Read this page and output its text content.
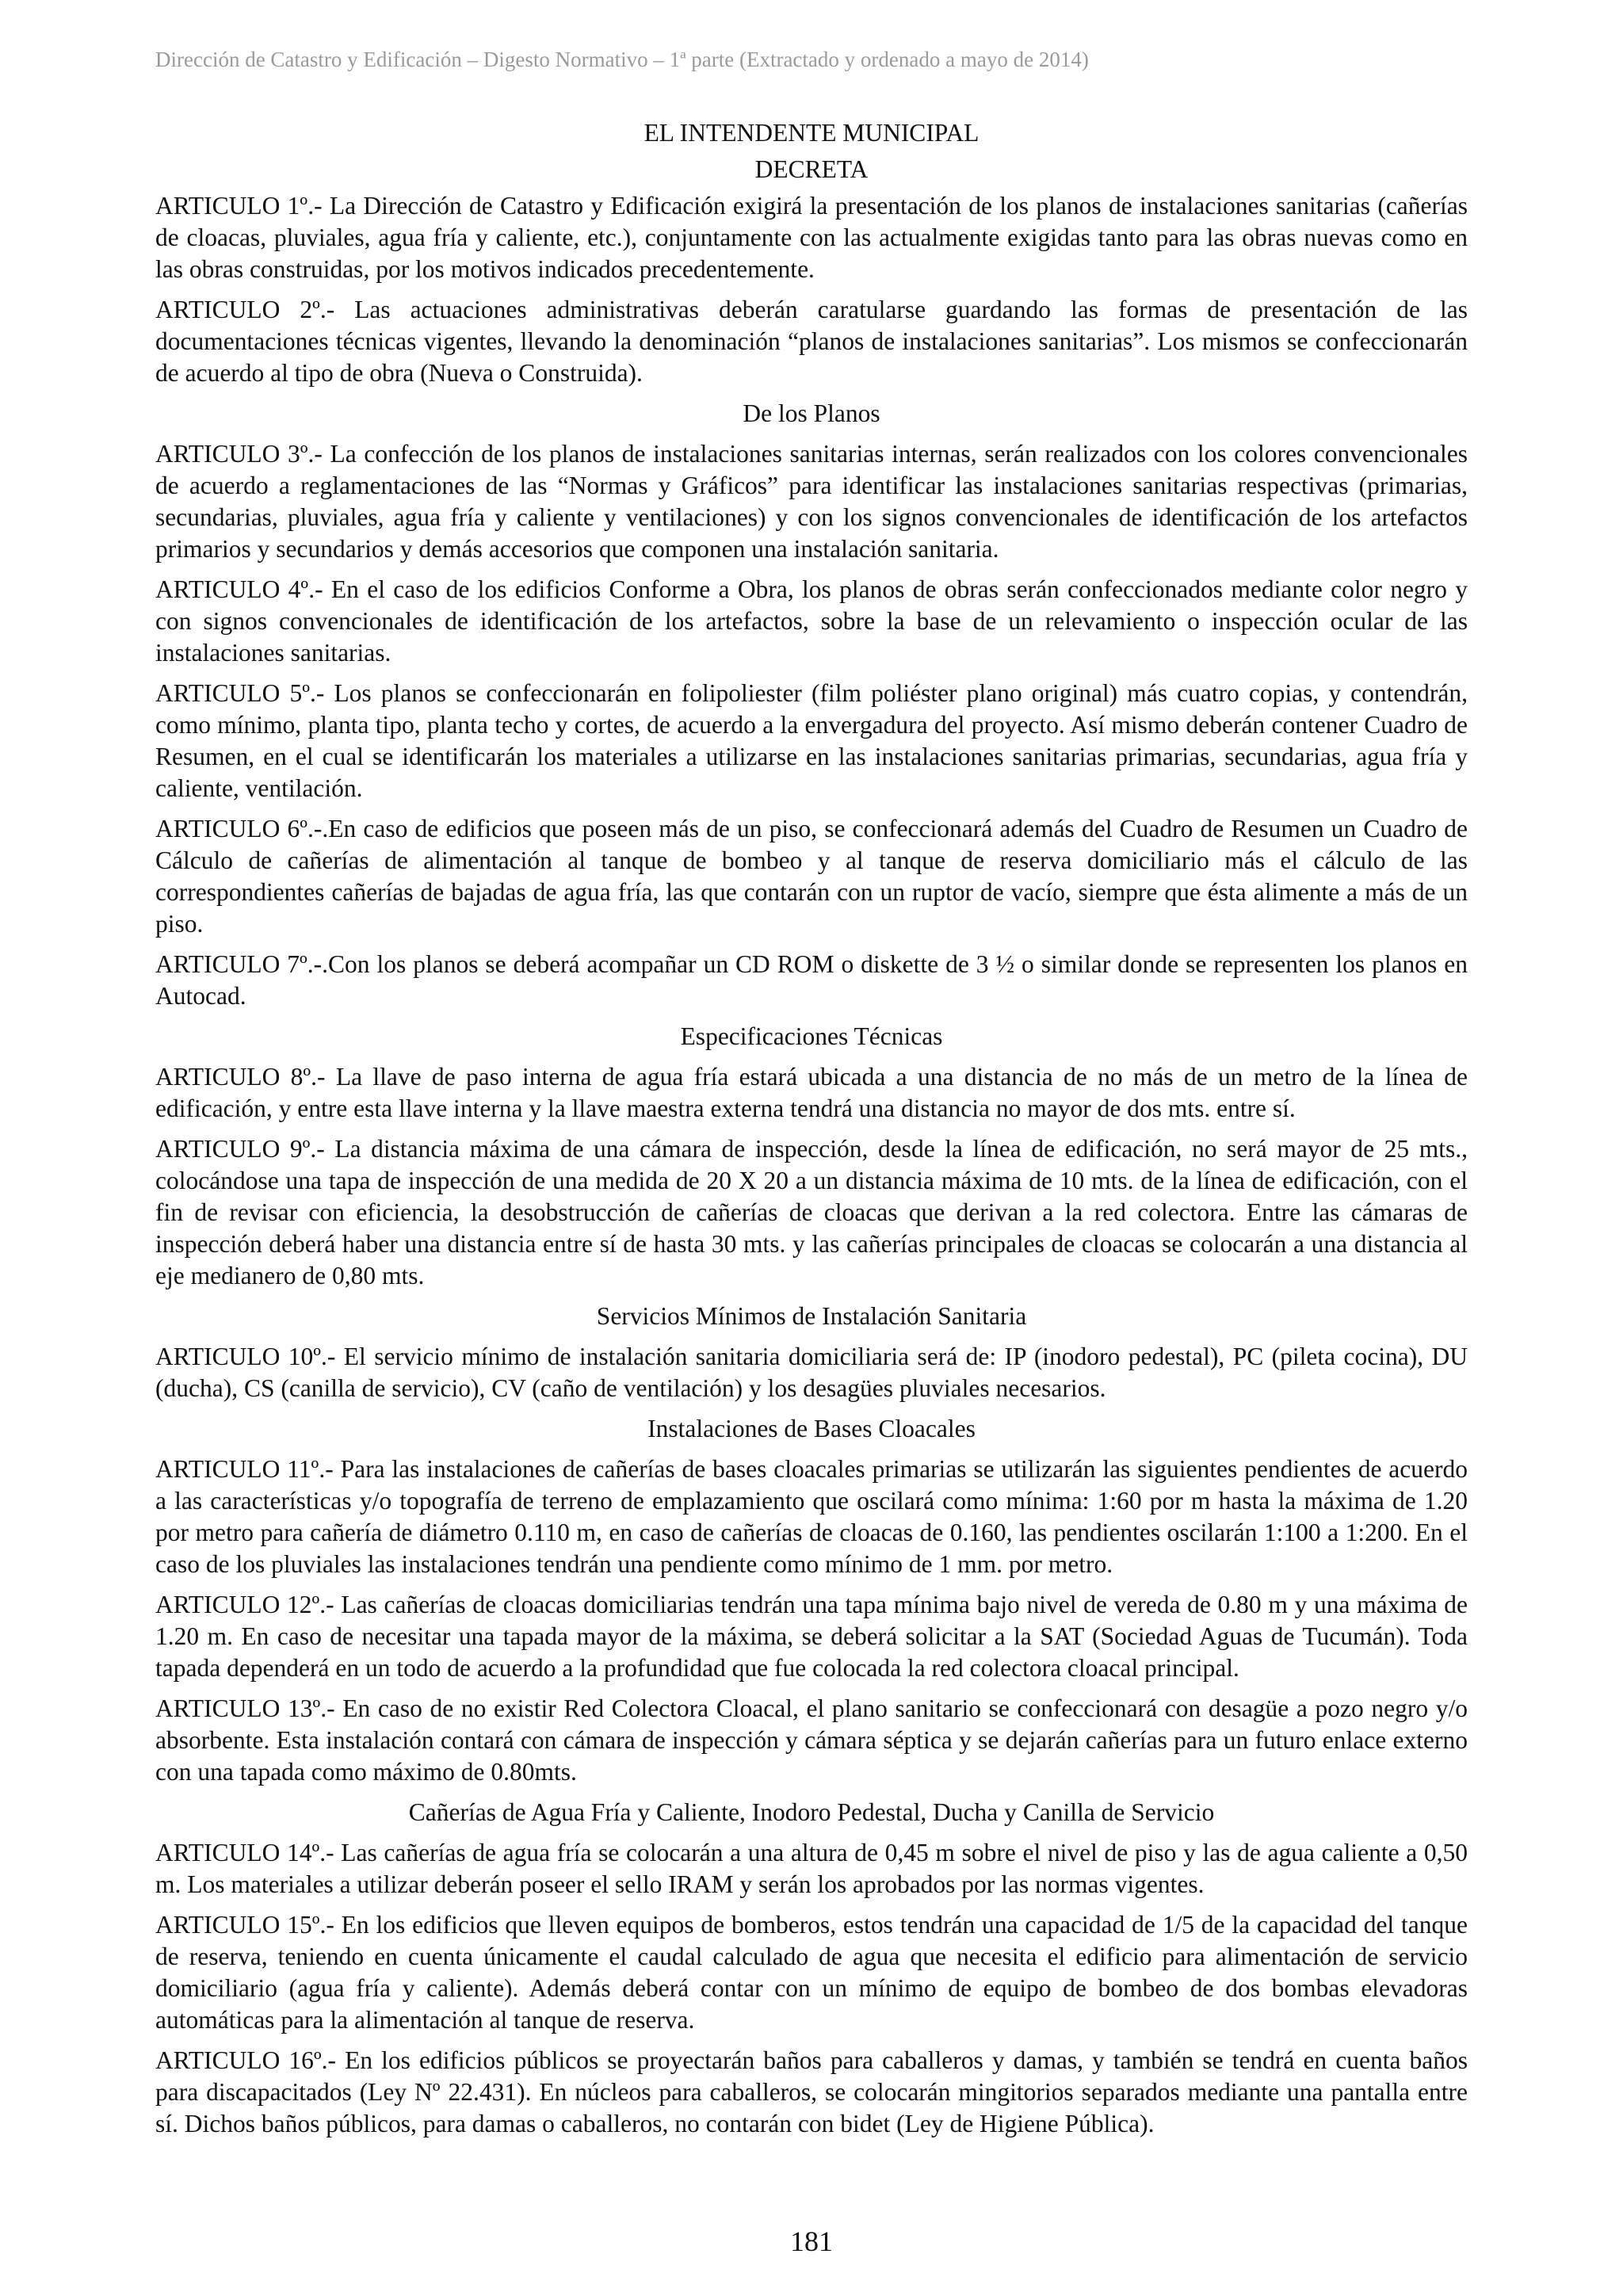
Dirección de Catastro y Edificación – Digesto Normativo – 1ª parte (Extractado y ordenado a mayo de 2014)

EL INTENDENTE MUNICIPAL

DECRETA

ARTICULO 1º.- La Dirección de Catastro y Edificación exigirá la presentación de los planos de instalaciones sanitarias (cañerías de cloacas, pluviales, agua fría y caliente, etc.), conjuntamente con las actualmente exigidas tanto para las obras nuevas como en las obras construidas, por los motivos indicados precedentemente.

ARTICULO 2º.- Las actuaciones administrativas deberán caratularse guardando las formas de presentación de las documentaciones técnicas vigentes, llevando la denominación “planos de instalaciones sanitarias”. Los mismos se confeccionarán de acuerdo al tipo de obra (Nueva o Construida).

De los Planos

ARTICULO 3º.- La confección de los planos de instalaciones sanitarias internas, serán realizados con los colores convencionales de acuerdo a reglamentaciones de las “Normas y Gráficos” para identificar las instalaciones sanitarias respectivas (primarias, secundarias, pluviales, agua fría y caliente y ventilaciones) y con los signos convencionales de identificación de los artefactos primarios y secundarios y demás accesorios que componen una instalación sanitaria.

ARTICULO 4º.- En el caso de los edificios Conforme a Obra, los planos de obras serán confeccionados mediante color negro y con signos convencionales de identificación de los artefactos, sobre la base de un relevamiento o inspección ocular de las instalaciones sanitarias.

ARTICULO 5º.- Los planos se confeccionarán en folipoliester (film poliéster plano original) más cuatro copias, y contendrán, como mínimo, planta tipo, planta techo y cortes, de acuerdo a la envergadura del proyecto. Así mismo deberán contener Cuadro de Resumen, en el cual se identificarán los materiales a utilizarse en las instalaciones sanitarias primarias, secundarias, agua fría y caliente, ventilación.

ARTICULO 6º.-.En caso de edificios que poseen más de un piso, se confeccionará además del Cuadro de Resumen un Cuadro de Cálculo de cañerías de alimentación al tanque de bombeo y al tanque de reserva domiciliario más el cálculo de las correspondientes cañerías de bajadas de agua fría, las que contarán con un ruptor de vacío, siempre que ésta alimente a más de un piso.

ARTICULO 7º.-.Con los planos se deberá acompañar un CD ROM o diskette de 3 ½ o similar donde se representen los planos en Autocad.

Especificaciones Técnicas

ARTICULO 8º.- La llave de paso interna de agua fría estará ubicada a una distancia de no más de un metro de la línea de edificación, y entre esta llave interna y la llave maestra externa tendrá una distancia no mayor de dos mts. entre sí.

ARTICULO 9º.- La distancia máxima de una cámara de inspección, desde la línea de edificación, no será mayor de 25 mts., colocándose una tapa de inspección de una medida de 20 X 20 a un distancia máxima de 10 mts. de la línea de edificación, con el fin de revisar con eficiencia, la desobstrucción de cañerías de cloacas que derivan a la red colectora. Entre las cámaras de inspección deberá haber una distancia entre sí de hasta 30 mts. y las cañerías principales de cloacas se colocarán a una distancia al eje medianero de 0,80 mts.

Servicios Mínimos de Instalación Sanitaria

ARTICULO 10º.- El servicio mínimo de instalación sanitaria domiciliaria será de: IP (inodoro pedestal), PC (pileta cocina), DU (ducha), CS (canilla de servicio), CV (caño de ventilación) y los desagües pluviales necesarios.

Instalaciones de Bases Cloacales

ARTICULO 11º.- Para las instalaciones de cañerías de bases cloacales primarias se utilizarán las siguientes pendientes de acuerdo a las características y/o topografía de terreno de emplazamiento que oscilará como mínima: 1:60 por m hasta la máxima de 1.20 por metro para cañería de diámetro 0.110 m, en caso de cañerías de cloacas de 0.160, las pendientes oscilarán 1:100 a 1:200. En el caso de los pluviales las instalaciones tendrán una pendiente como mínimo de 1 mm. por metro.

ARTICULO 12º.- Las cañerías de cloacas domiciliarias tendrán una tapa mínima bajo nivel de vereda de 0.80 m y una máxima de 1.20 m. En caso de necesitar una tapada mayor de la máxima, se deberá solicitar a la SAT (Sociedad Aguas de Tucumán). Toda tapada dependerá en un todo de acuerdo a la profundidad que fue colocada la red colectora cloacal principal.

ARTICULO 13º.- En caso de no existir Red Colectora Cloacal, el plano sanitario se confeccionará con desagüe a pozo negro y/o absorbente. Esta instalación contará con cámara de inspección y cámara séptica y se dejarán cañerías para un futuro enlace externo con una tapada como máximo de 0.80mts.

Cañerías de Agua Fría y Caliente, Inodoro Pedestal, Ducha y Canilla de Servicio

ARTICULO 14º.- Las cañerías de agua fría se colocarán a una altura de 0,45 m sobre el nivel de piso y las de agua caliente a 0,50 m. Los materiales a utilizar deberán poseer el sello IRAM y serán los aprobados por las normas vigentes.

ARTICULO 15º.- En los edificios que lleven equipos de bomberos, estos tendrán una capacidad de 1/5 de la capacidad del tanque de reserva, teniendo en cuenta únicamente el caudal calculado de agua que necesita el edificio para alimentación de servicio domiciliario (agua fría y caliente). Además deberá contar con un mínimo de equipo de bombeo de dos bombas elevadoras automáticas para la alimentación al tanque de reserva.

ARTICULO 16º.- En los edificios públicos se proyectarán baños para caballeros y damas, y también se tendrá en cuenta baños para discapacitados (Ley Nº 22.431). En núcleos para caballeros, se colocarán mingitorios separados mediante una pantalla entre sí. Dichos baños públicos, para damas o caballeros, no contarán con bidet (Ley de Higiene Pública).

181
